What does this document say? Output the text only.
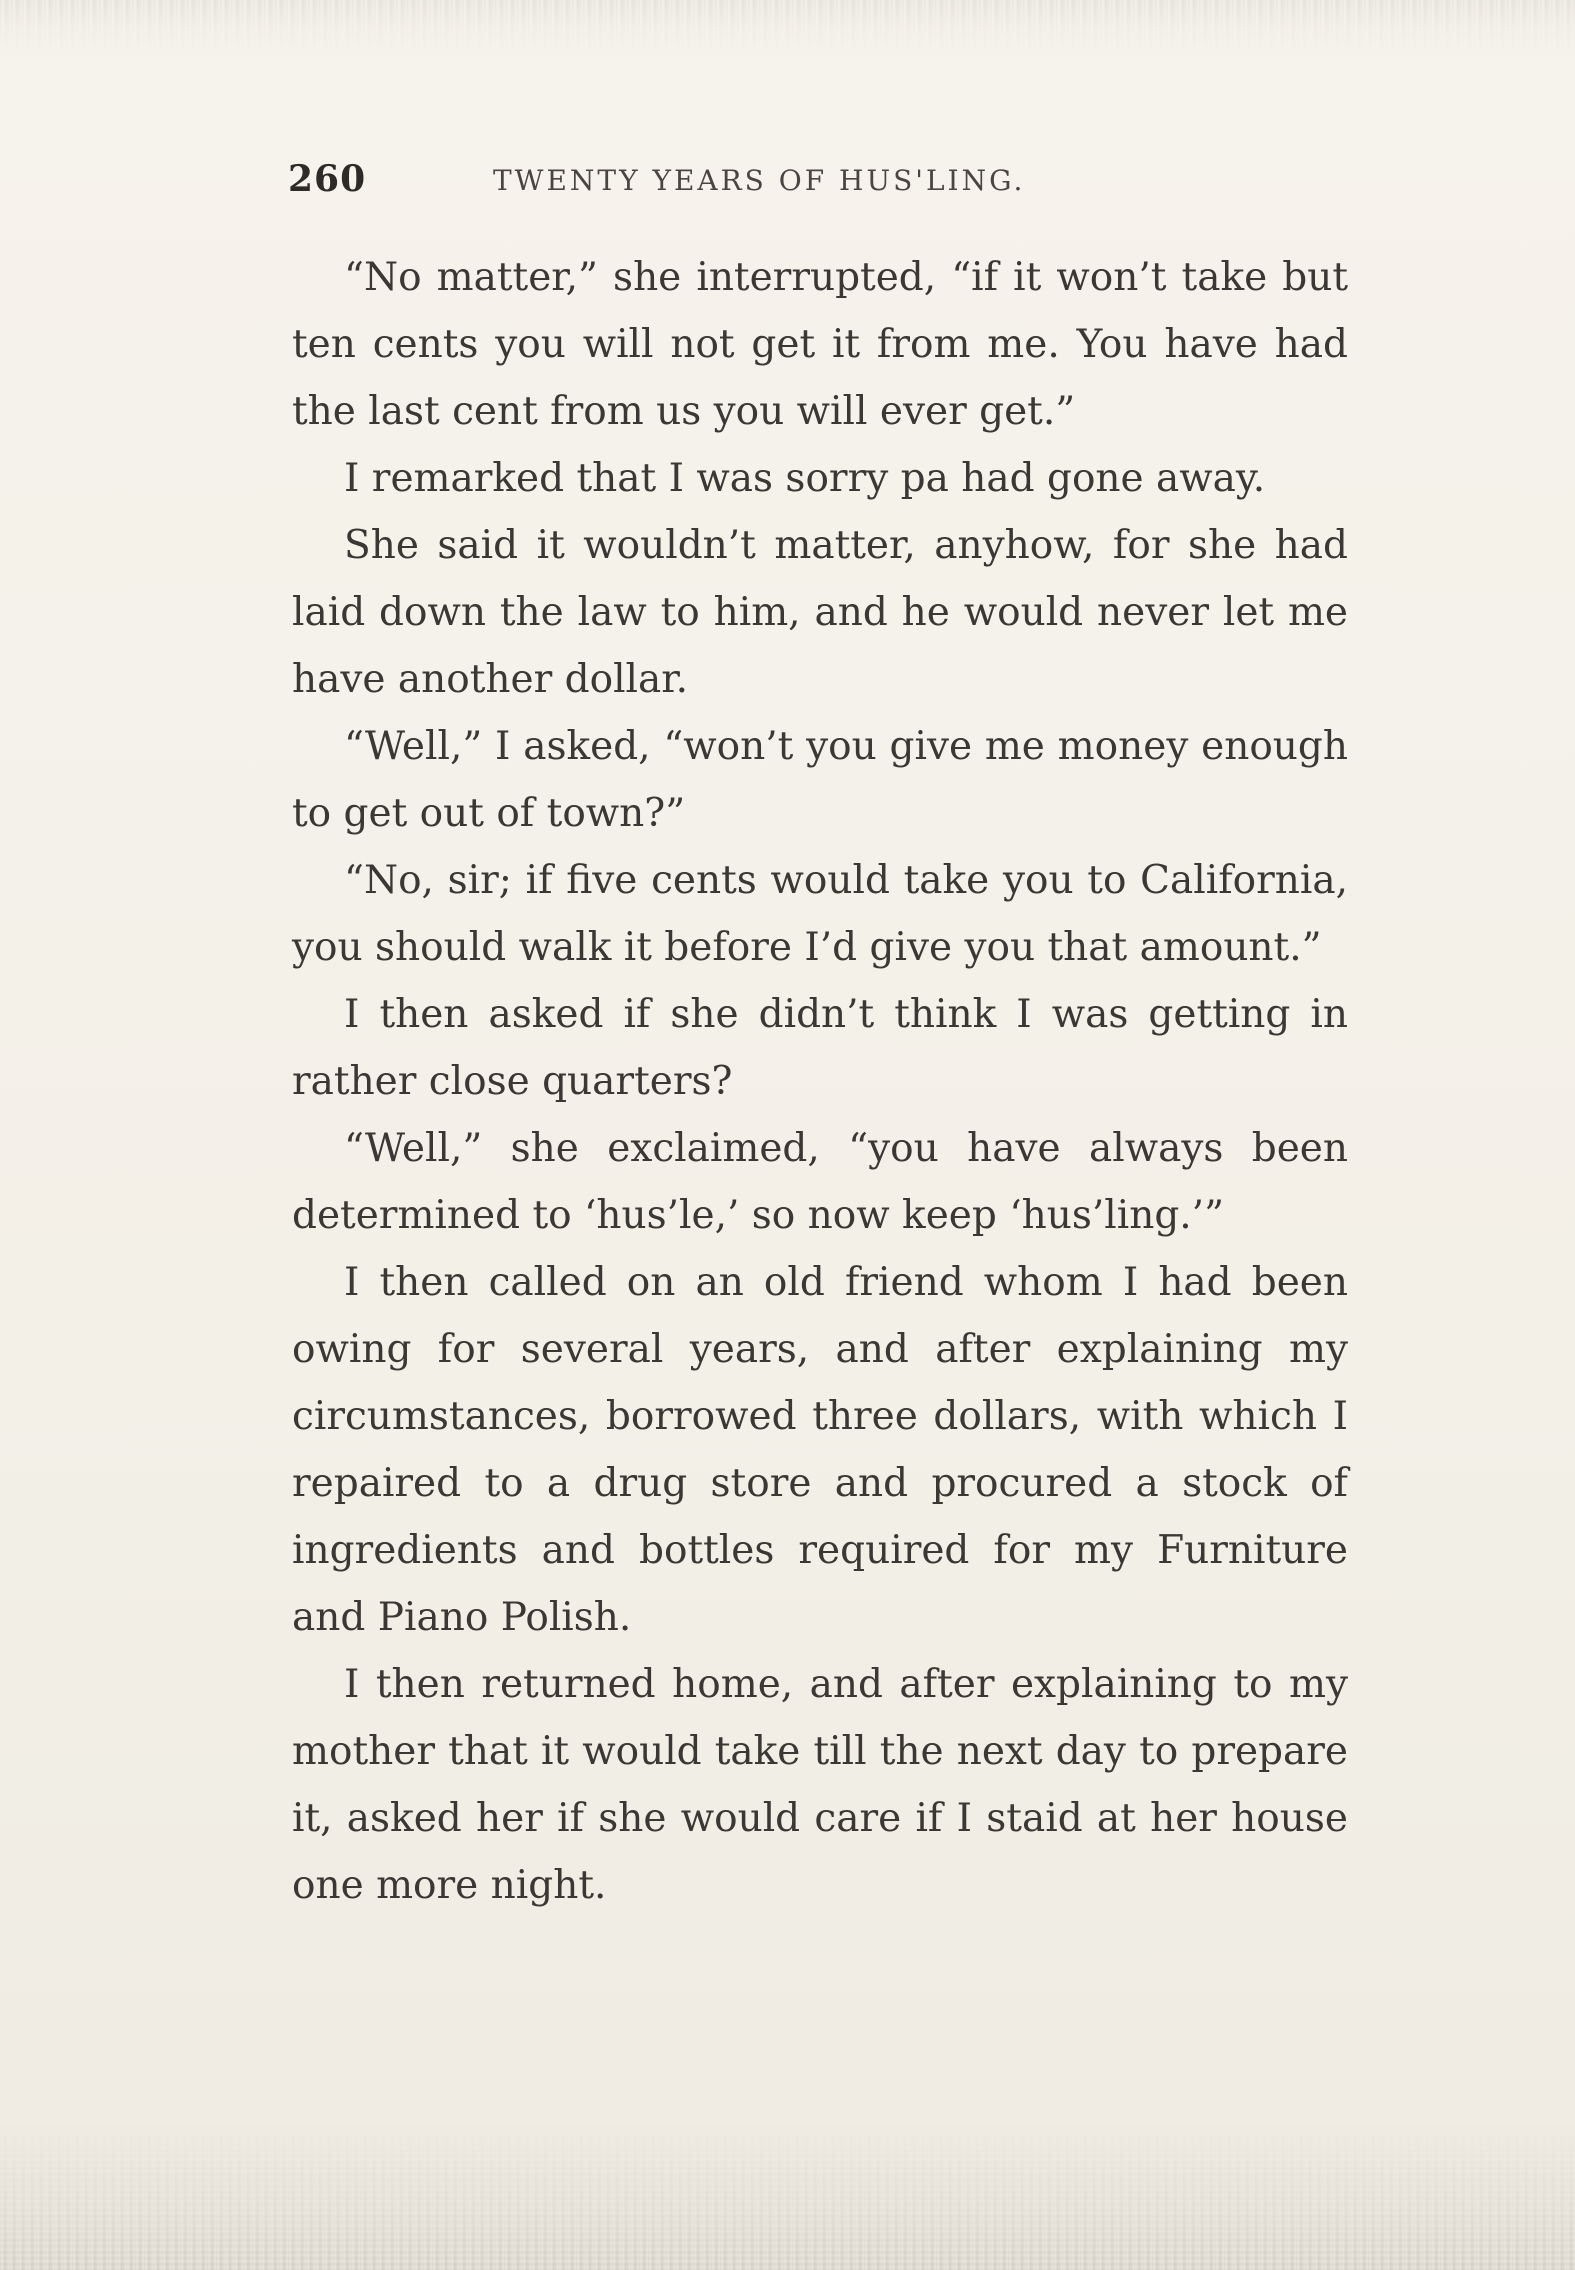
260	TWENTY YEARS OF HUS'LING.

“No matter,” she interrupted, “if it won’t take but ten cents you will not get it from me. You have had the last cent from us you will ever get.”

I remarked that I was sorry pa had gone away.

She said it wouldn’t matter, anyhow, for she had laid down the law to him, and he would never let me have another dollar.

“Well,” I asked, “won’t you give me money enough to get out of town?”

“No, sir; if five cents would take you to California, you should walk it before I’d give you that amount.”

I then asked if she didn’t think I was getting in rather close quarters?

“Well,” she exclaimed, “you have always been determined to ‘hus’le,’ so now keep ‘hus’ling.’”

I then called on an old friend whom I had been owing for several years, and after explaining my circumstances, borrowed three dollars, with which I repaired to a drug store and procured a stock of ingredients and bottles required for my Furniture and Piano Polish.

I then returned home, and after explaining to my mother that it would take till the next day to prepare it, asked her if she would care if I staid at her house one more night.
